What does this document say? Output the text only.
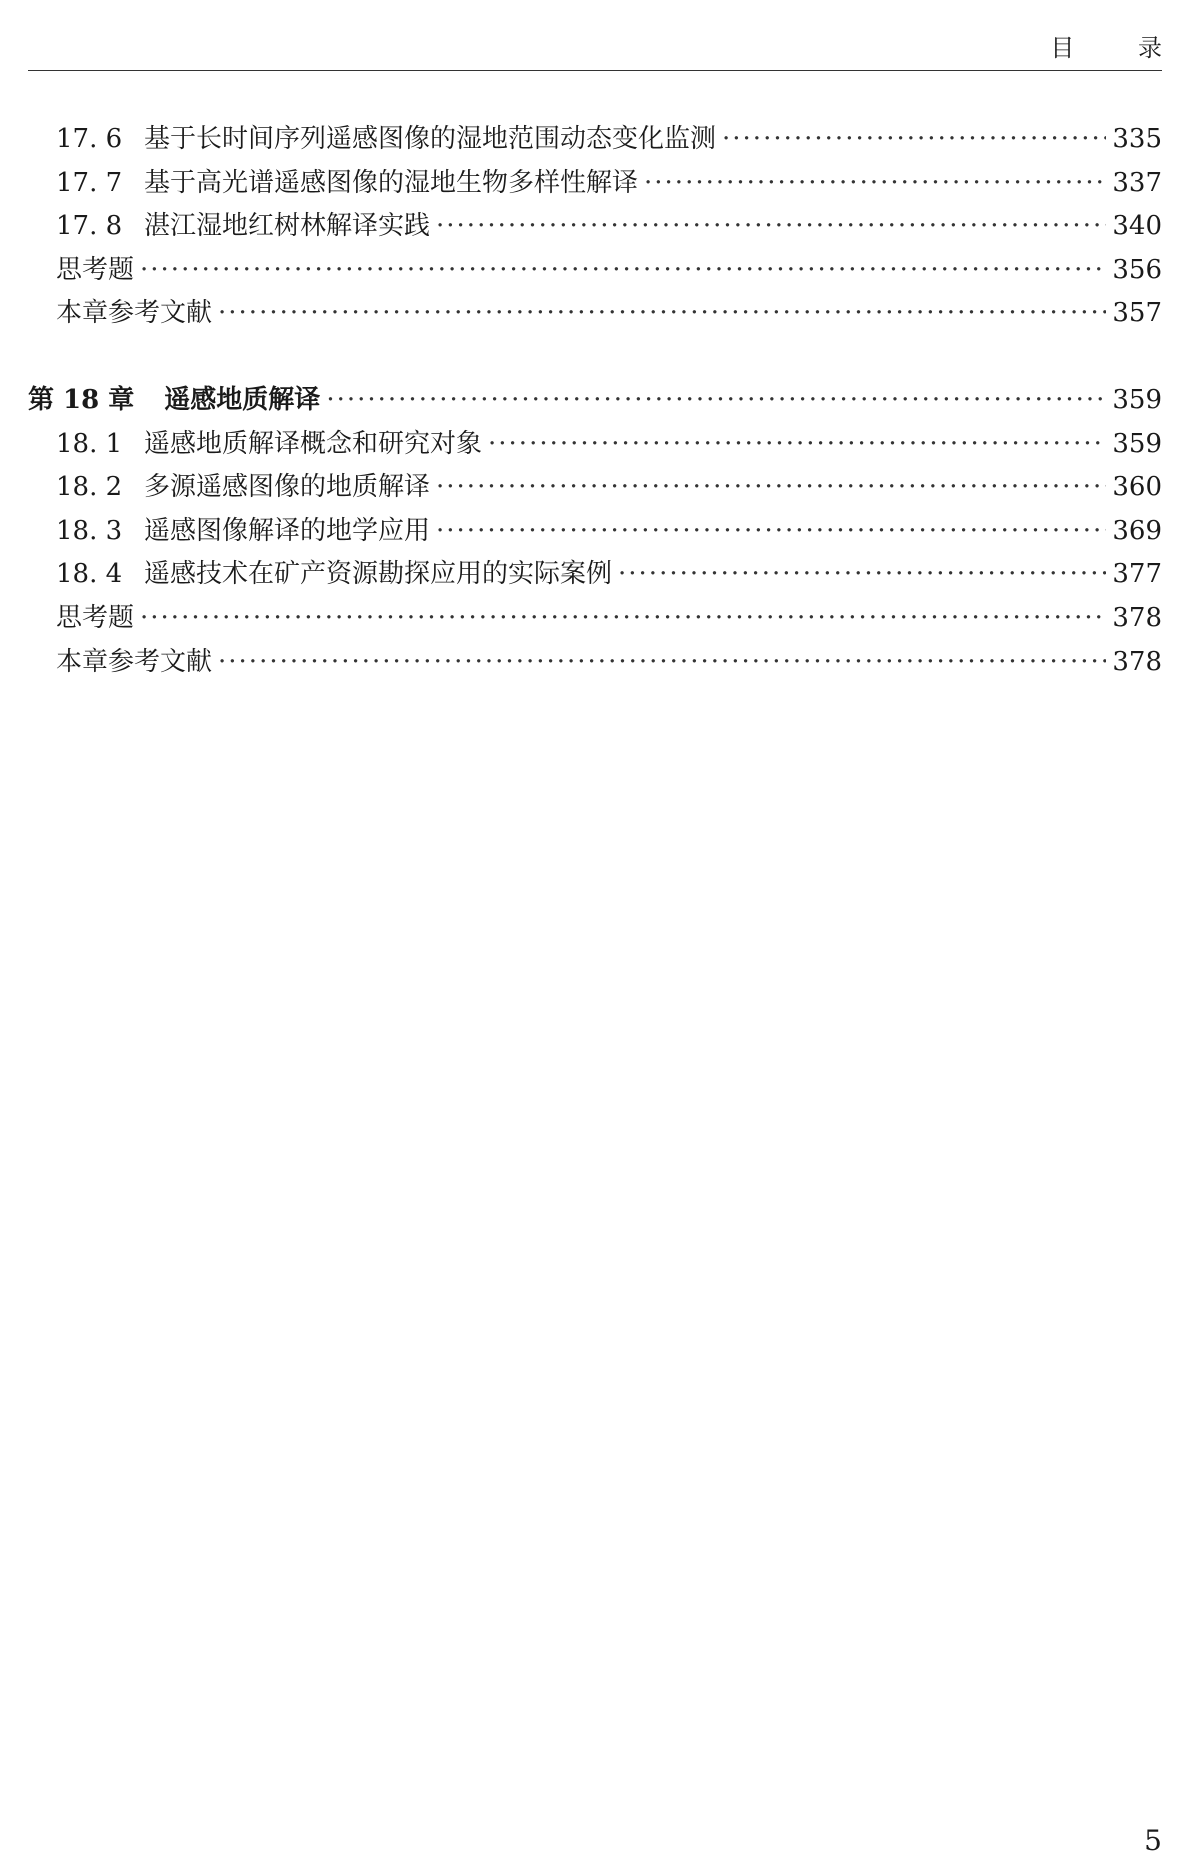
目 录
17. 6 基于长时间序列遥感图像的湿地范围动态变化监测 ·····	335
17. 7 基于高光谱遥感图像的湿地生物多样性解译 ·····	337
17. 8 湛江湿地红树林解译实践 ·····	340
思考题 ·····	356
本章参考文献 ·····	357
第 18 章 遥感地质解译 ·····	359
18. 1 遥感地质解译概念和研究对象 ·····	359
18. 2 多源遥感图像的地质解译 ·····	360
18. 3 遥感图像解译的地学应用 ·····	369
18. 4 遥感技术在矿产资源勘探应用的实际案例 ·····	377
思考题 ·····	378
本章参考文献 ·····	378
5
